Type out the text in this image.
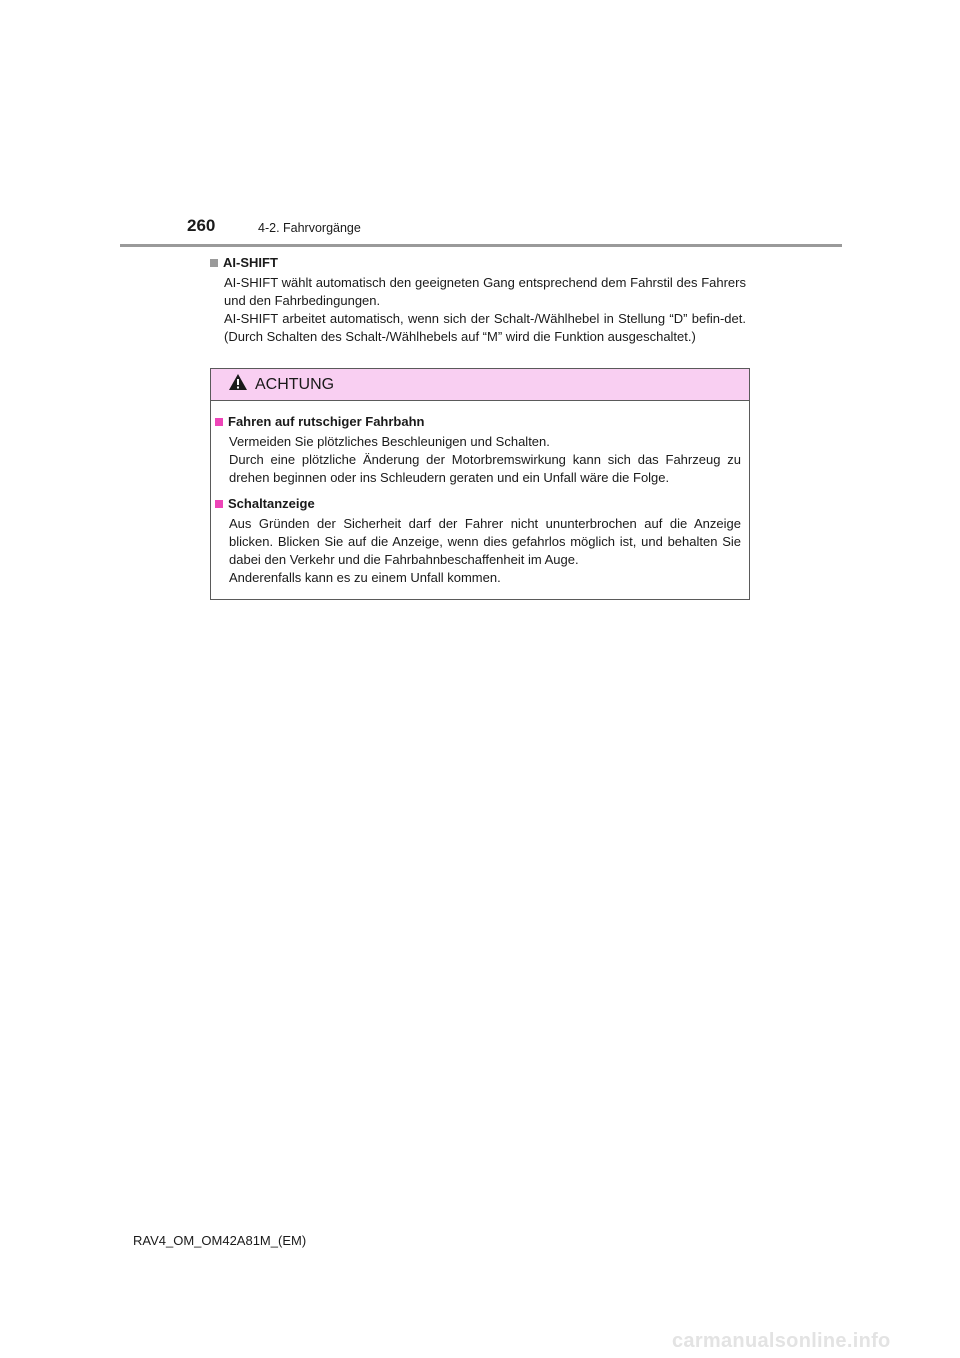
260	4-2. Fahrvorgänge
AI-SHIFT

AI-SHIFT wählt automatisch den geeigneten Gang entsprechend dem Fahrstil des Fahrers und den Fahrbedingungen.

AI-SHIFT arbeitet automatisch, wenn sich der Schalt-/Wählhebel in Stellung “D” befin-det. (Durch Schalten des Schalt-/Wählhebels auf “M” wird die Funktion ausgeschaltet.)

ACHTUNG
Fahren auf rutschiger Fahrbahn

Vermeiden Sie plötzliches Beschleunigen und Schalten.

Durch eine plötzliche Änderung der Motorbremswirkung kann sich das Fahrzeug zu drehen beginnen oder ins Schleudern geraten und ein Unfall wäre die Folge.

Schaltanzeige

Aus Gründen der Sicherheit darf der Fahrer nicht ununterbrochen auf die Anzeige blicken. Blicken Sie auf die Anzeige, wenn dies gefahrlos möglich ist, und behalten Sie dabei den Verkehr und die Fahrbahnbeschaffenheit im Auge.

Anderenfalls kann es zu einem Unfall kommen.

RAV4_OM_OM42A81M_(EM)
carmanualsonline.info
